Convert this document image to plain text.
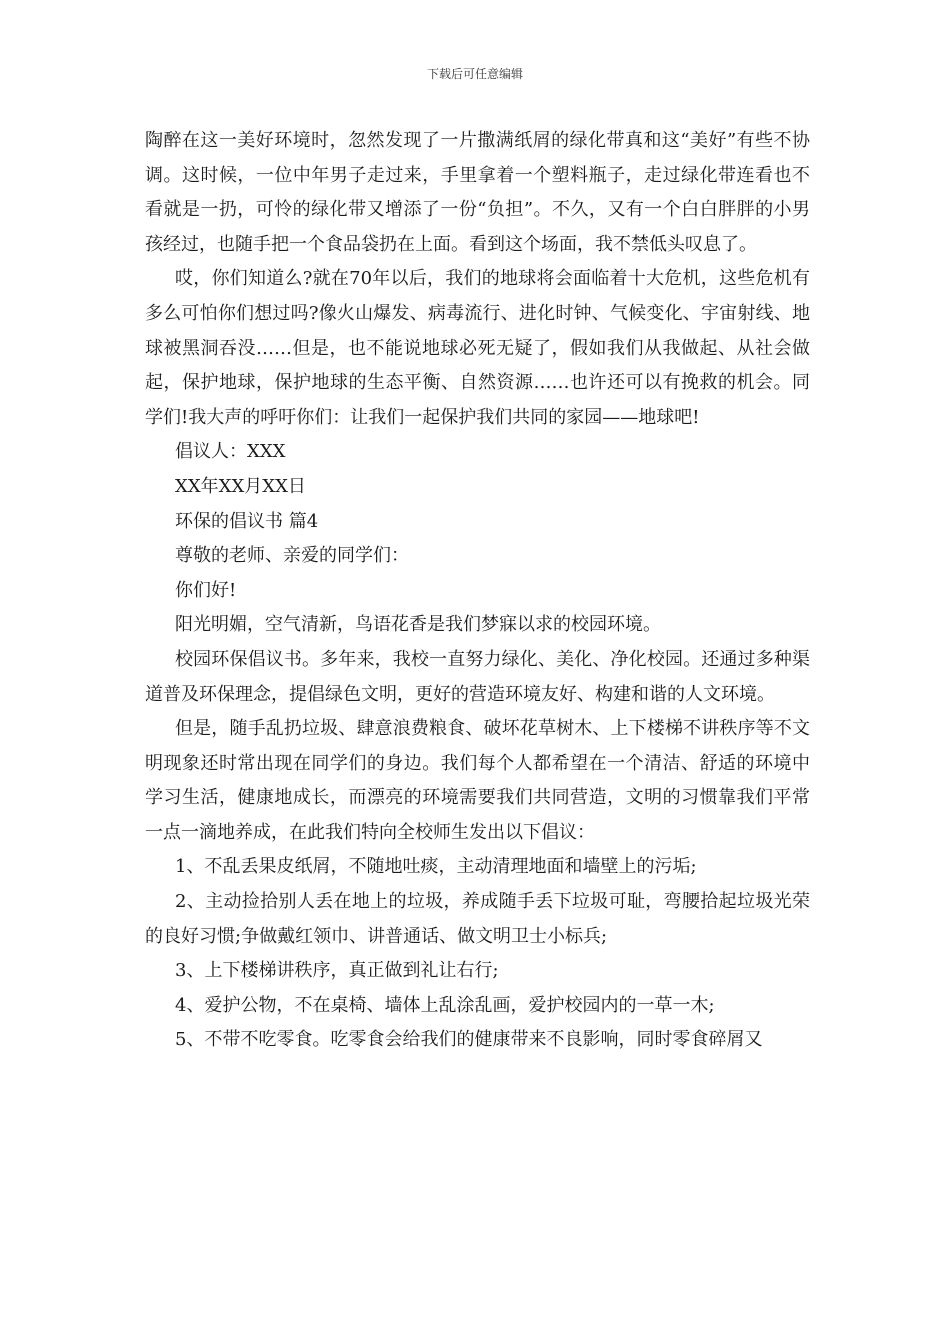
下载后可任意编辑

陶醉在这一美好环境时，忽然发现了一片撒满纸屑的绿化带真和这“美好”有些不协调。这时候，一位中年男子走过来，手里拿着一个塑料瓶子，走过绿化带连看也不看就是一扔，可怜的绿化带又增添了一份“负担”。不久，又有一个白白胖胖的小男孩经过，也随手把一个食品袋扔在上面。看到这个场面，我不禁低头叹息了。

哎，你们知道么?就在70年以后，我们的地球将会面临着十大危机，这些危机有多么可怕你们想过吗?像火山爆发、病毒流行、进化时钟、气候变化、宇宙射线、地球被黑洞吞没……但是，也不能说地球必死无疑了，假如我们从我做起、从社会做起，保护地球，保护地球的生态平衡、自然资源……也许还可以有挽救的机会。同学们!我大声的呼吁你们：让我们一起保护我们共同的家园——地球吧!

倡议人：XXX

XX年XX月XX日

环保的倡议书 篇4

尊敬的老师、亲爱的同学们：

你们好!

阳光明媚，空气清新，鸟语花香是我们梦寐以求的校园环境。

校园环保倡议书。多年来，我校一直努力绿化、美化、净化校园。还通过多种渠道普及环保理念，提倡绿色文明，更好的营造环境友好、构建和谐的人文环境。

但是，随手乱扔垃圾、肆意浪费粮食、破坏花草树木、上下楼梯不讲秩序等不文明现象还时常出现在同学们的身边。我们每个人都希望在一个清洁、舒适的环境中学习生活，健康地成长，而漂亮的环境需要我们共同营造，文明的习惯靠我们平常一点一滴地养成，在此我们特向全校师生发出以下倡议：

1、不乱丢果皮纸屑，不随地吐痰，主动清理地面和墙壁上的污垢;

2、主动捡拾别人丢在地上的垃圾，养成随手丢下垃圾可耻，弯腰拾起垃圾光荣的良好习惯;争做戴红领巾、讲普通话、做文明卫士小标兵;

3、上下楼梯讲秩序，真正做到礼让右行;

4、爱护公物，不在桌椅、墙体上乱涂乱画，爱护校园内的一草一木;

5、不带不吃零食。吃零食会给我们的健康带来不良影响，同时零食碎屑又
